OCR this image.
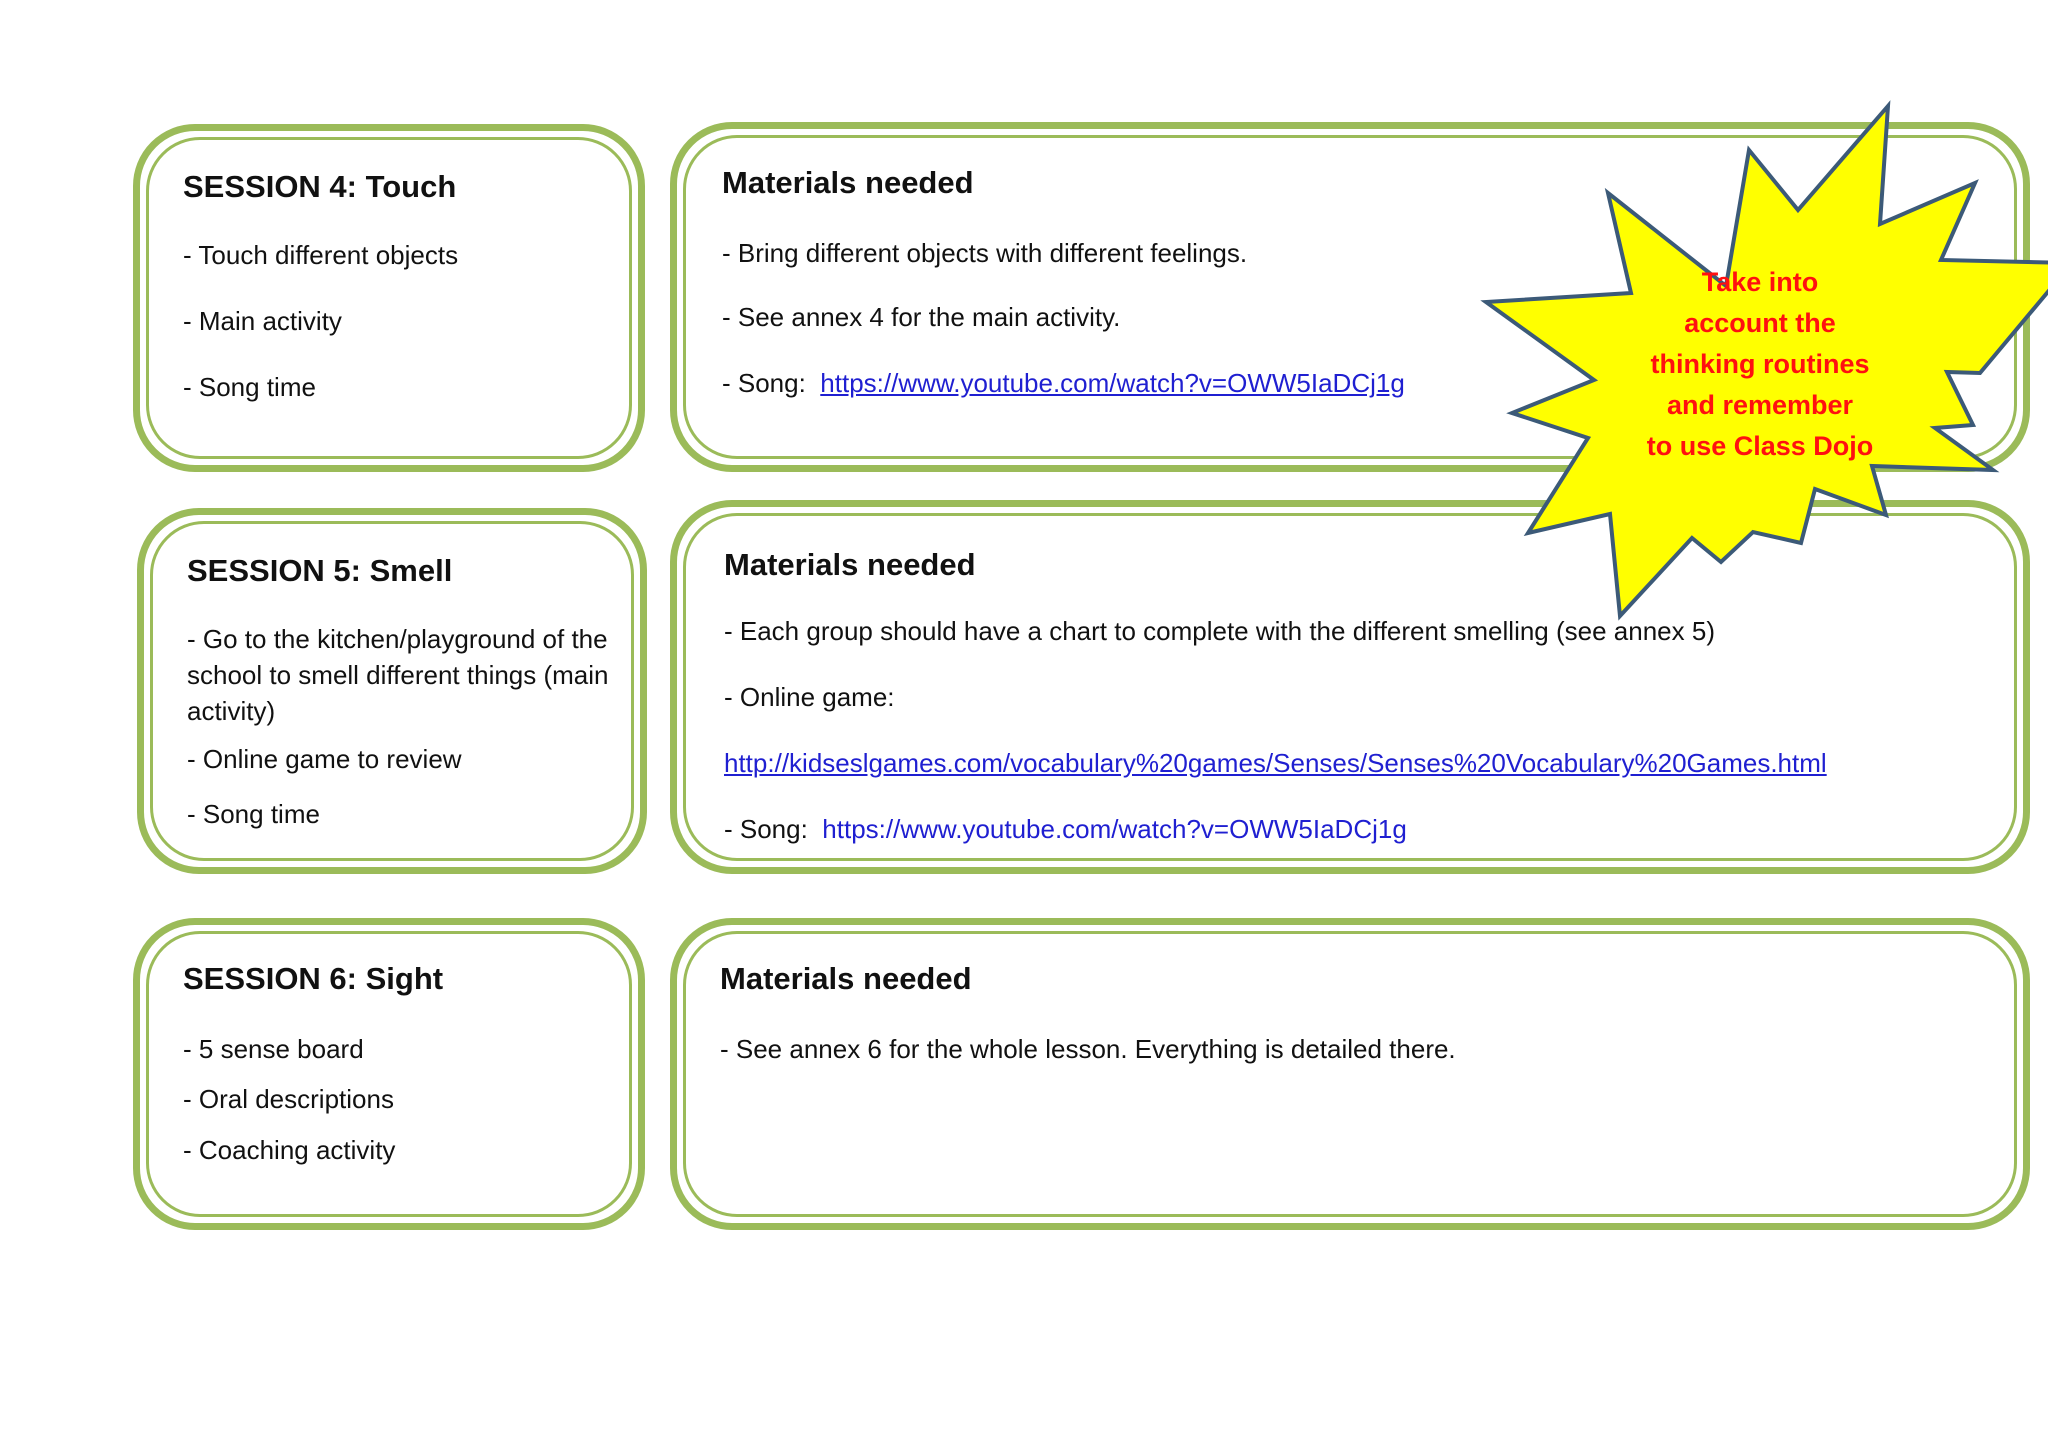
SESSION 4: Touch
- Touch different objects
- Main activity
- Song time
Materials needed
- Bring different objects with different feelings.
- See annex 4 for the main activity.
- Song:  https://www.youtube.com/watch?v=OWW5IaDCj1g
SESSION 5: Smell
- Go to the kitchen/playground of the school to smell different things (main activity)
- Online game to review
- Song time
Materials needed
- Each group should have a chart to complete with the different smelling (see annex 5)
- Online game:
http://kidseslgames.com/vocabulary%20games/Senses/Senses%20Vocabulary%20Games.html
- Song:  https://www.youtube.com/watch?v=OWW5IaDCj1g
SESSION 6: Sight
- 5 sense board
- Oral descriptions
- Coaching activity
Materials needed
- See annex 6 for the whole lesson. Everything is detailed there.
Take into
account the
thinking routines
and remember
to use Class Dojo
